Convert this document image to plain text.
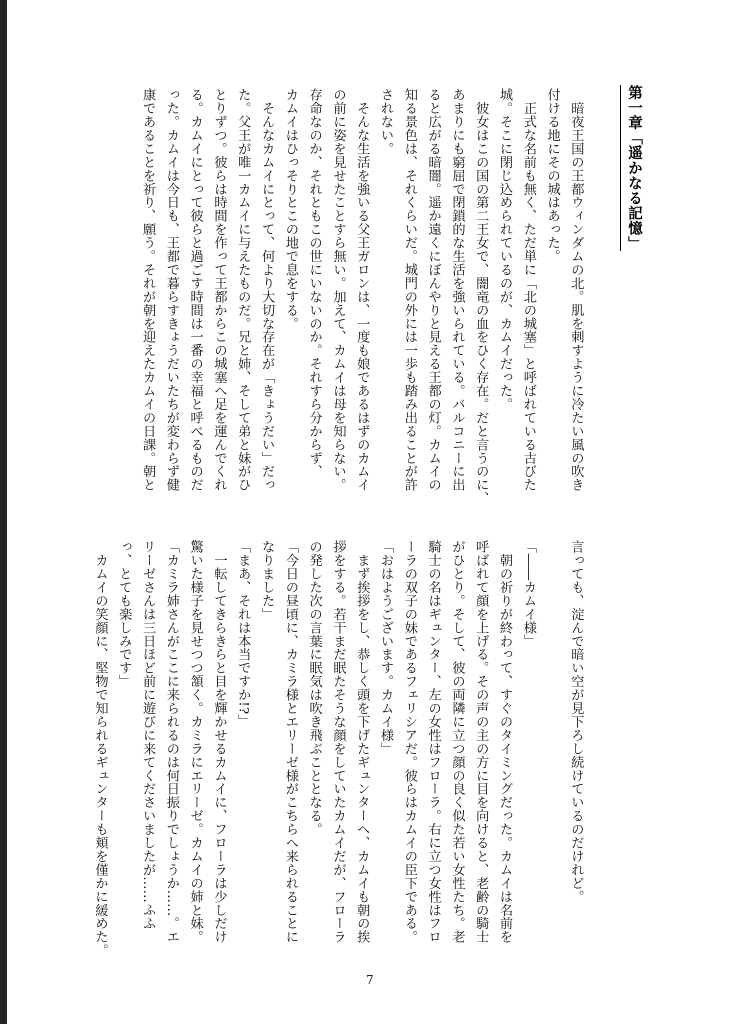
第一章「遥かなる記憶」

　暗夜王国の王都ウィンダムの北。肌を刺すように冷たい風の吹き
付ける地にその城はあった。
　正式な名前も無く、ただ単に「北の城塞」と呼ばれている古びた
城。そこに閉じ込められているのが、カムイだった。
　彼女はこの国の第二王女で、闇竜の血をひく存在。だと言うのに、
あまりにも窮屈で閉鎖的な生活を強いられている。バルコニーに出
ると広がる暗闇。遥か遠くにぼんやりと見える王都の灯。カムイの
知る景色は、それくらいだ。城門の外には一歩も踏み出ることが許
されない。
　そんな生活を強いる父王ガロンは、一度も娘であるはずのカムイ
の前に姿を見せたことすら無い。加えて、カムイは母を知らない。
存命なのか、それともこの世にいないのか。それすら分からず、
カムイはひっそりとこの地で息をする。
　そんなカムイにとって、何より大切な存在が「きょうだい」だっ
た。父王が唯一カムイに与えたものだ。兄と姉、そして弟と妹がひ
とりずつ。彼らは時間を作って王都からこの城塞へ足を運んでくれ
る。カムイにとって彼らと過ごす時間は一番の幸福と呼べるものだ
った。カムイは今日も、王都で暮らすきょうだいたちが変わらず健
康であることを祈り、願う。それが朝を迎えたカムイの日課。朝と

言っても、淀んで暗い空が見下ろし続けているのだけれど。

「――カムイ様」
　朝の祈りが終わって、すぐのタイミングだった。カムイは名前を
呼ばれて顔を上げる。その声の主の方に目を向けると、老齢の騎士
がひとり。そして、彼の両隣に立つ顔の良く似た若い女性たち。老
騎士の名はギュンター、左の女性はフローラ。右に立つ女性はフロ
ーラの双子の妹であるフェリシアだ。彼らはカムイの臣下である。
「おはようございます。カムイ様」
　まず挨拶をし、恭しく頭を下げたギュンターへ、カムイも朝の挨
拶をする。若干まだ眠たそうな顔をしていたカムイだが、フローラ
の発した次の言葉に眠気は吹き飛ぶこととなる。
「今日の昼頃に、カミラ様とエリーゼ様がこちらへ来られることに
なりました」
「まあ、それは本当ですか!?」
　一転してきらきらと目を輝かせるカムイに、フローラは少しだけ
驚いた様子を見せつつ頷く。カミラにエリーゼ。カムイの姉と妹。
「カミラ姉さんがここに来られるのは何日振りでしょうか……。エ
リーゼさんは三日ほど前に遊びに来てくださいましたが……ふふ
っ、とても楽しみです」
　カムイの笑顔に、堅物で知られるギュンターも頬を僅かに緩めた。

7
